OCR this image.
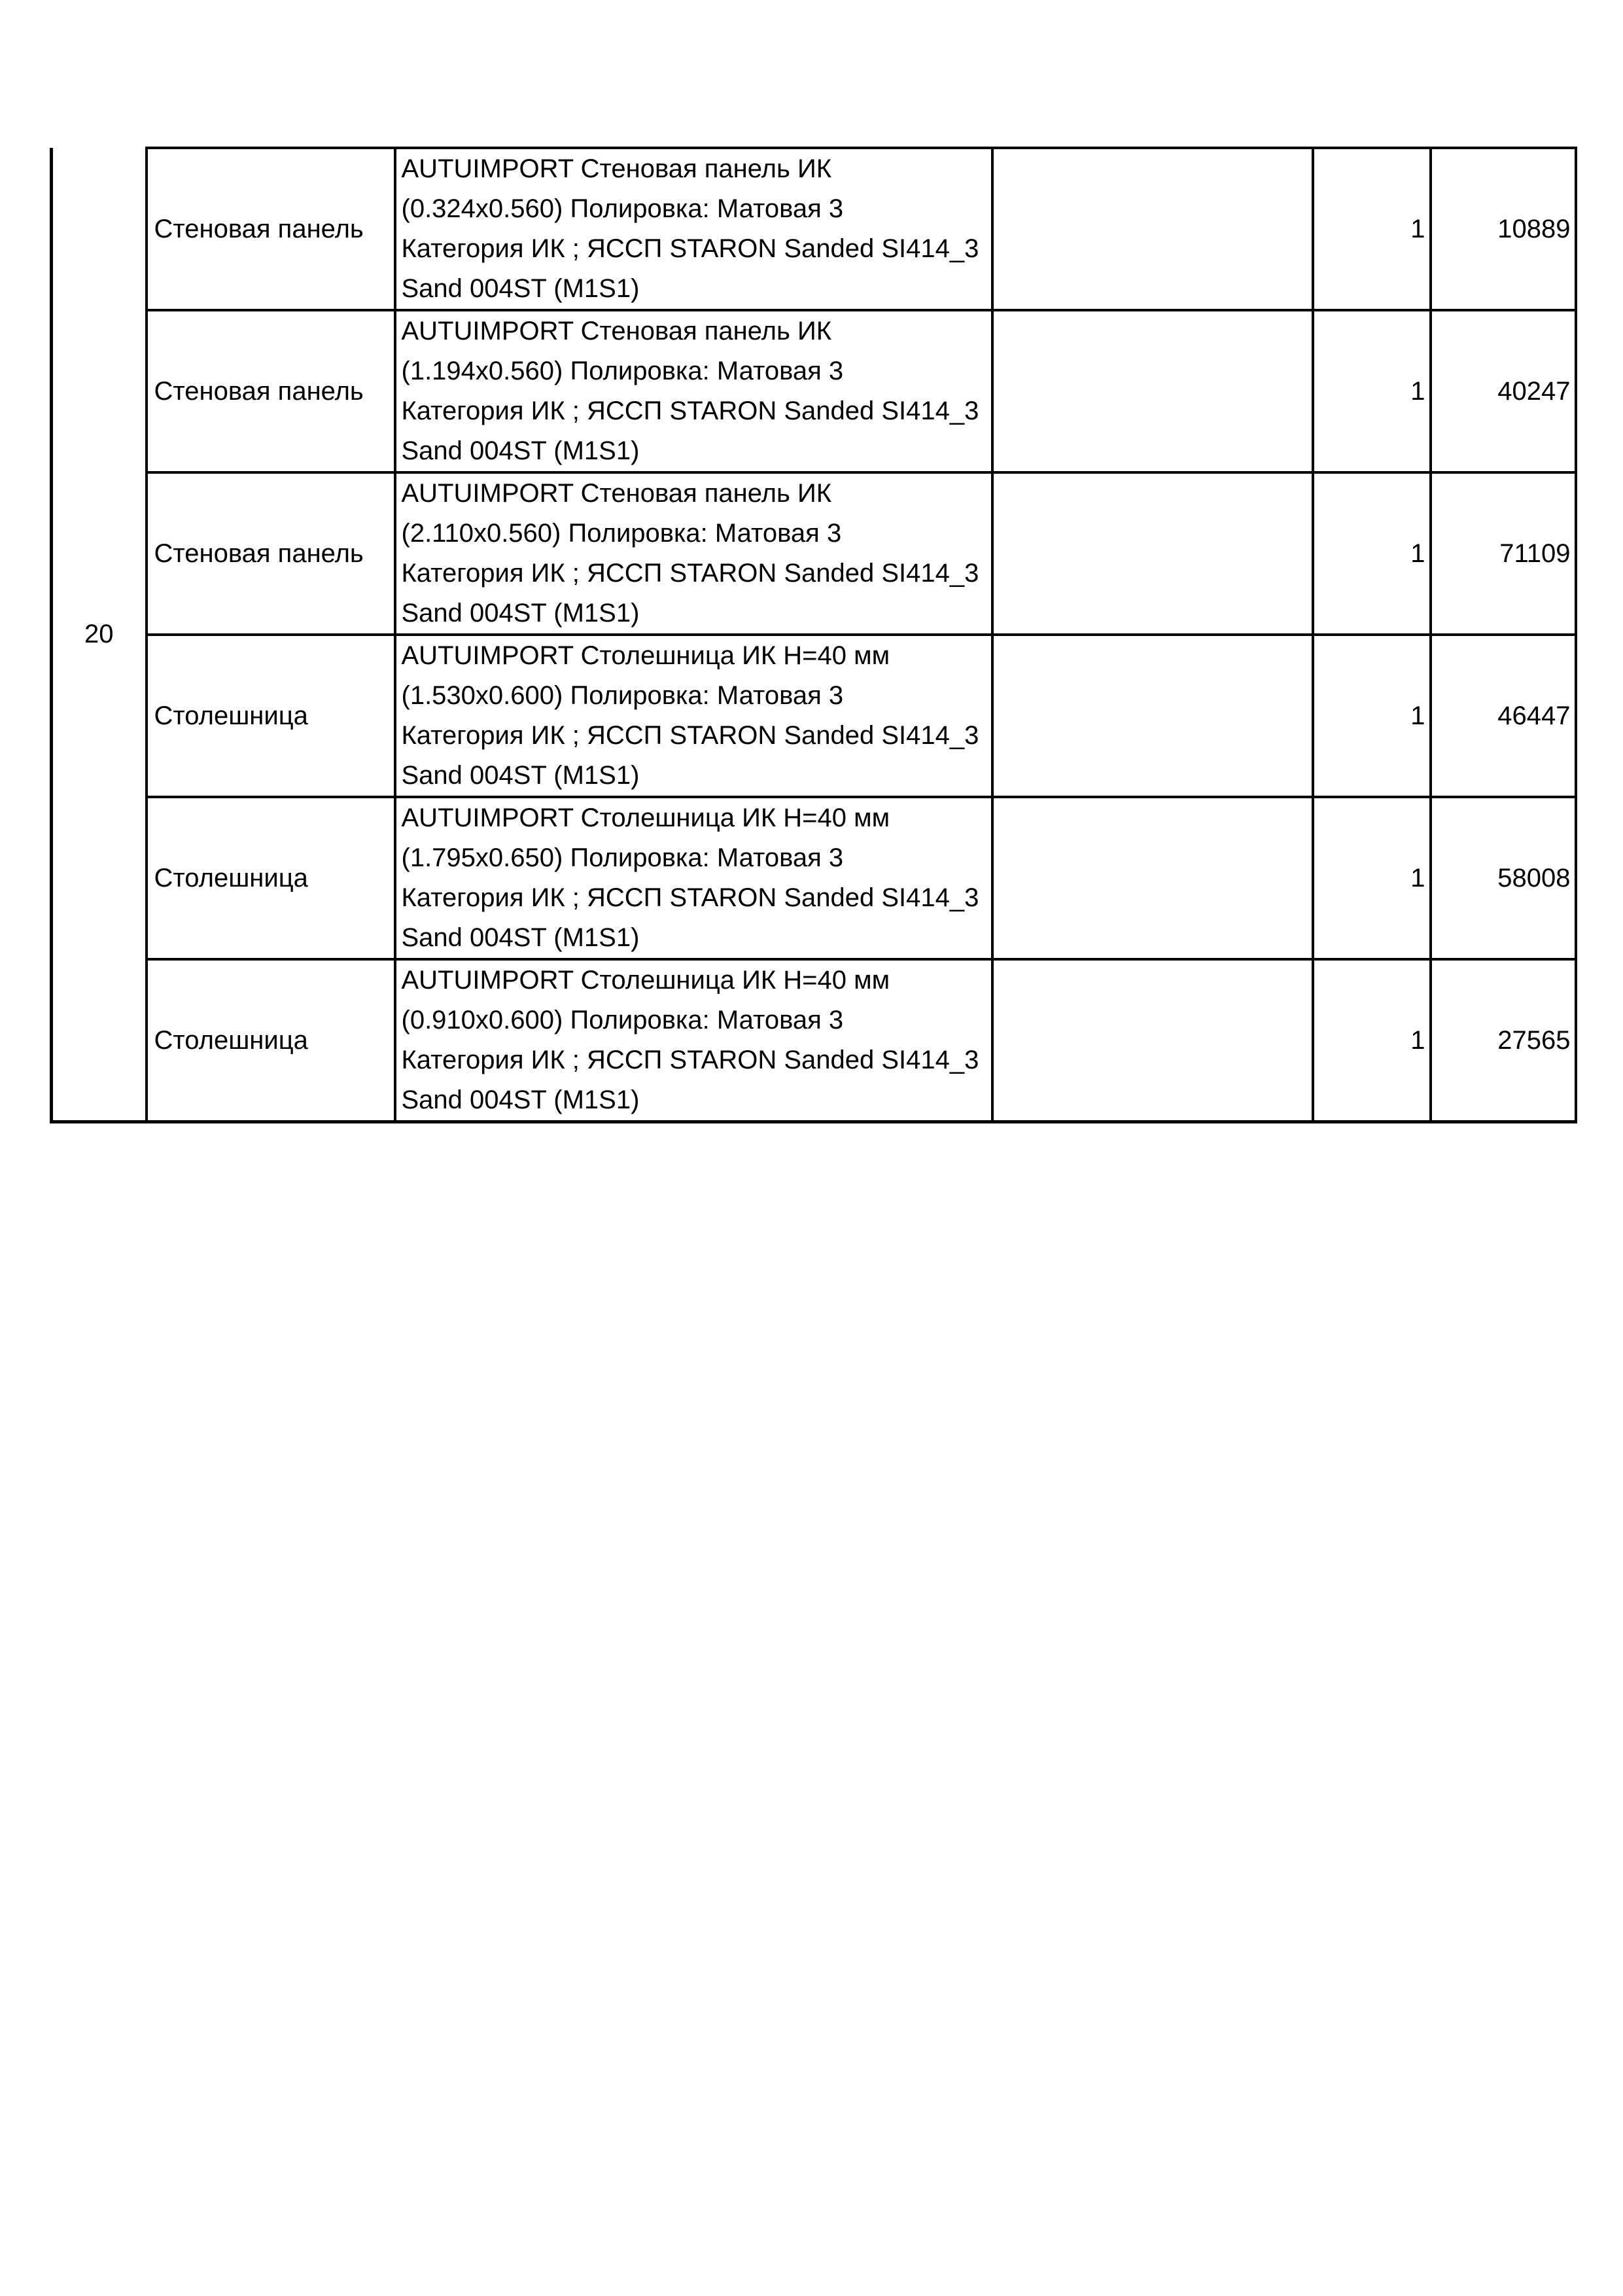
20	Стеновая панель	AUTUIMPORT Стеновая панель ИК
(0.324x0.560) Полировка: Матовая 3
Категория ИК ; ЯССП STARON Sanded SI414_3
Sand 004ST (M1S1)		1	10889
	Стеновая панель	AUTUIMPORT Стеновая панель ИК
(1.194x0.560) Полировка: Матовая 3
Категория ИК ; ЯССП STARON Sanded SI414_3
Sand 004ST (M1S1)		1	40247
	Стеновая панель	AUTUIMPORT Стеновая панель ИК
(2.110x0.560) Полировка: Матовая 3
Категория ИК ; ЯССП STARON Sanded SI414_3
Sand 004ST (M1S1)		1	71109
	Столешница	AUTUIMPORT Столешница ИК H=40 мм
(1.530x0.600) Полировка: Матовая 3
Категория ИК ; ЯССП STARON Sanded SI414_3
Sand 004ST (M1S1)		1	46447
	Столешница	AUTUIMPORT Столешница ИК H=40 мм
(1.795x0.650) Полировка: Матовая 3
Категория ИК ; ЯССП STARON Sanded SI414_3
Sand 004ST (M1S1)		1	58008
	Столешница	AUTUIMPORT Столешница ИК H=40 мм
(0.910x0.600) Полировка: Матовая 3
Категория ИК ; ЯССП STARON Sanded SI414_3
Sand 004ST (M1S1)		1	27565
